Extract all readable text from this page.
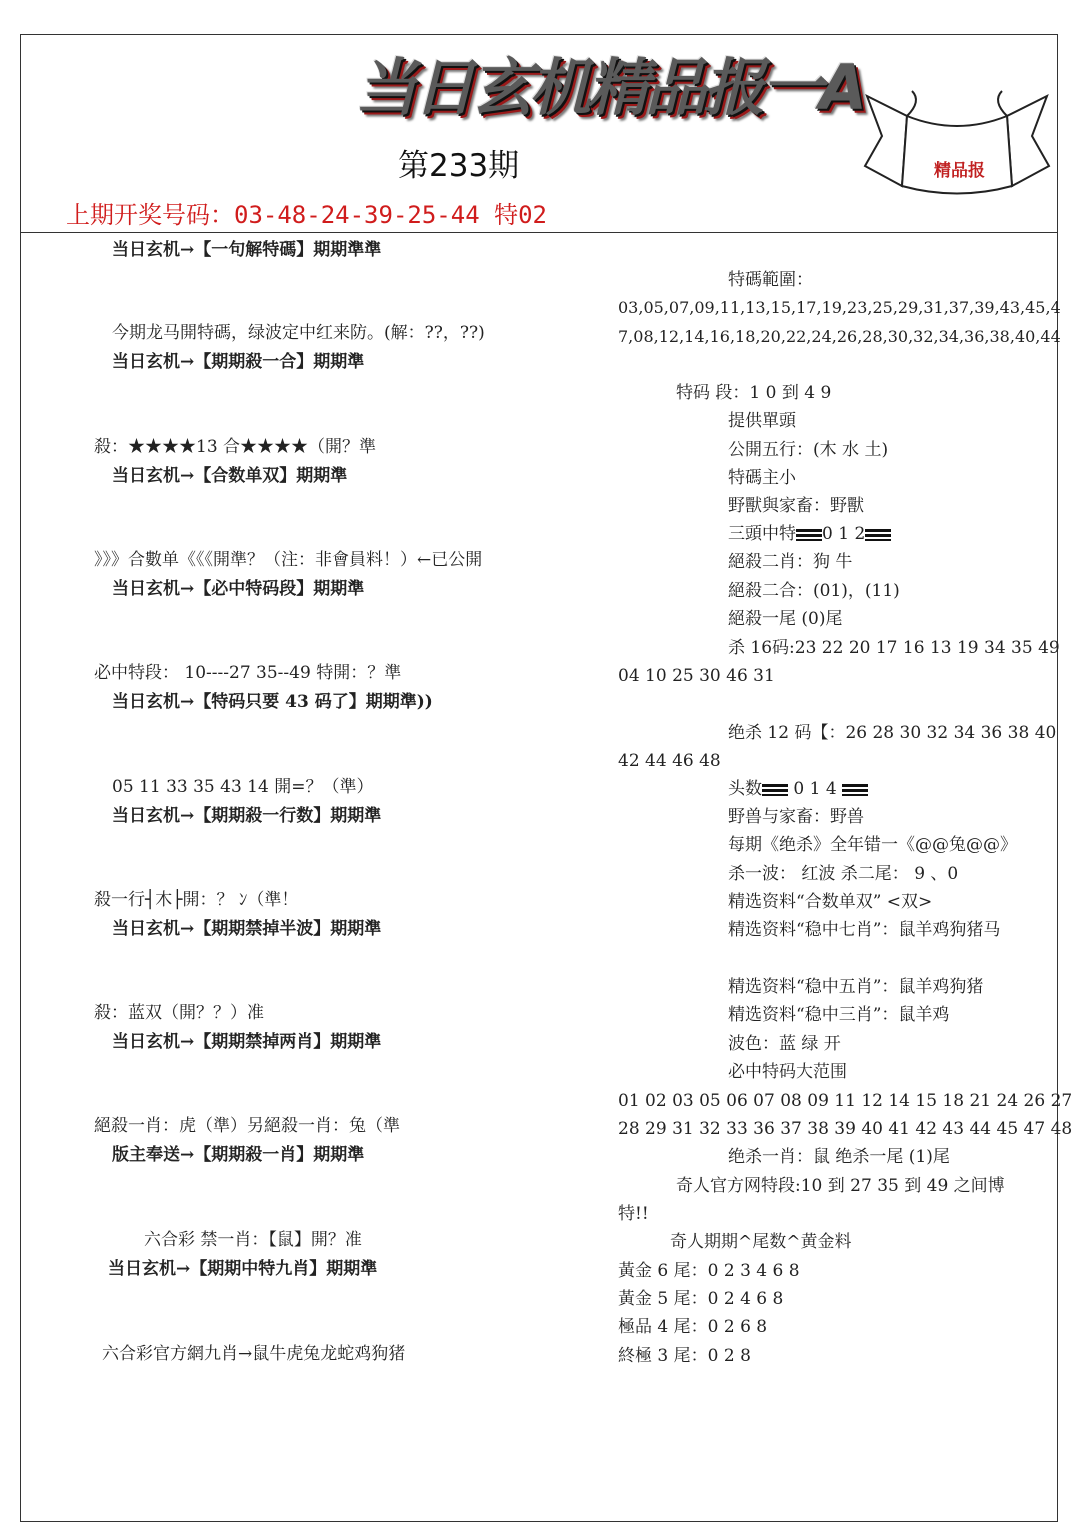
当日玄机精品报一A
精品报
第233期
上期开奖号码：03-48-24-39-25-44 特02
当日玄机→【一句解特碼】期期準準
今期龙马開特碼，绿波定中红来防。(解：??，??)
当日玄机→【期期殺一合】期期準
殺：★★★★13 合★★★★（開？準
当日玄机→【合数单双】期期準
》》》合數单《《《開準？（注：非會員料！）←已公開
当日玄机→【必中特码段】期期準
必中特段： 10----27 35--49 特開：？準
当日玄机→【特码只要 43 码了】期期準))
05 11 33 35 43 14 開=？（準）
当日玄机→【期期殺一行数】期期準
殺一行┤木├開：？ ﾝ（準！
当日玄机→【期期禁掉半波】期期準
殺：蓝双（開？？）准
当日玄机→【期期禁掉两肖】期期準
絕殺一肖：虎（準）另絕殺一肖：兔（準
版主奉送→【期期殺一肖】期期準
六合彩 禁一肖：【鼠】開？准
当日玄机→【期期中特九肖】期期準
六合彩官方網九肖→鼠牛虎兔龙蛇鸡狗猪
特碼範圍：
03,05,07,09,11,13,15,17,19,23,25,29,31,37,39,43,45,4
7,08,12,14,16,18,20,22,24,26,28,30,32,34,36,38,40,44
特码 段：1 0 到 4 9
提供單頭
公開五行：(木 水 土)
特碼主小
野獸與家畜：野獸
三頭中特 0 1 2
絕殺二肖：狗 牛
絕殺二合：(01)，(11)
絕殺一尾 (0)尾
杀 16码:23 22 20 17 16 13 19 34 35 49
04 10 25 30 46 31
绝杀 12 码【：26 28 30 32 34 36 38 40
42 44 46 48
头数 0 1 4
野兽与家畜：野兽
每期《绝杀》全年错一《@@兔@@》
杀一波： 红波 杀二尾： 9 、0
精选资料“合数单双” <双>
精选资料“稳中七肖”：鼠羊鸡狗猪马
精选资料“稳中五肖”：鼠羊鸡狗猪
精选资料“稳中三肖”：鼠羊鸡
波色：蓝 绿 开
必中特码大范围
01 02 03 05 06 07 08 09 11 12 14 15 18 21 24 26 27
28 29 31 32 33 36 37 38 39 40 41 42 43 44 45 47 48
绝杀一肖：鼠 绝杀一尾 (1)尾
奇人官方网特段:10 到 27 35 到 49 之间博
特!!
奇人期期^尾数^黄金料
黃金 6 尾：0 2 3 4 6 8
黃金 5 尾：0 2 4 6 8
極品 4 尾：0 2 6 8
終極 3 尾：0 2 8
